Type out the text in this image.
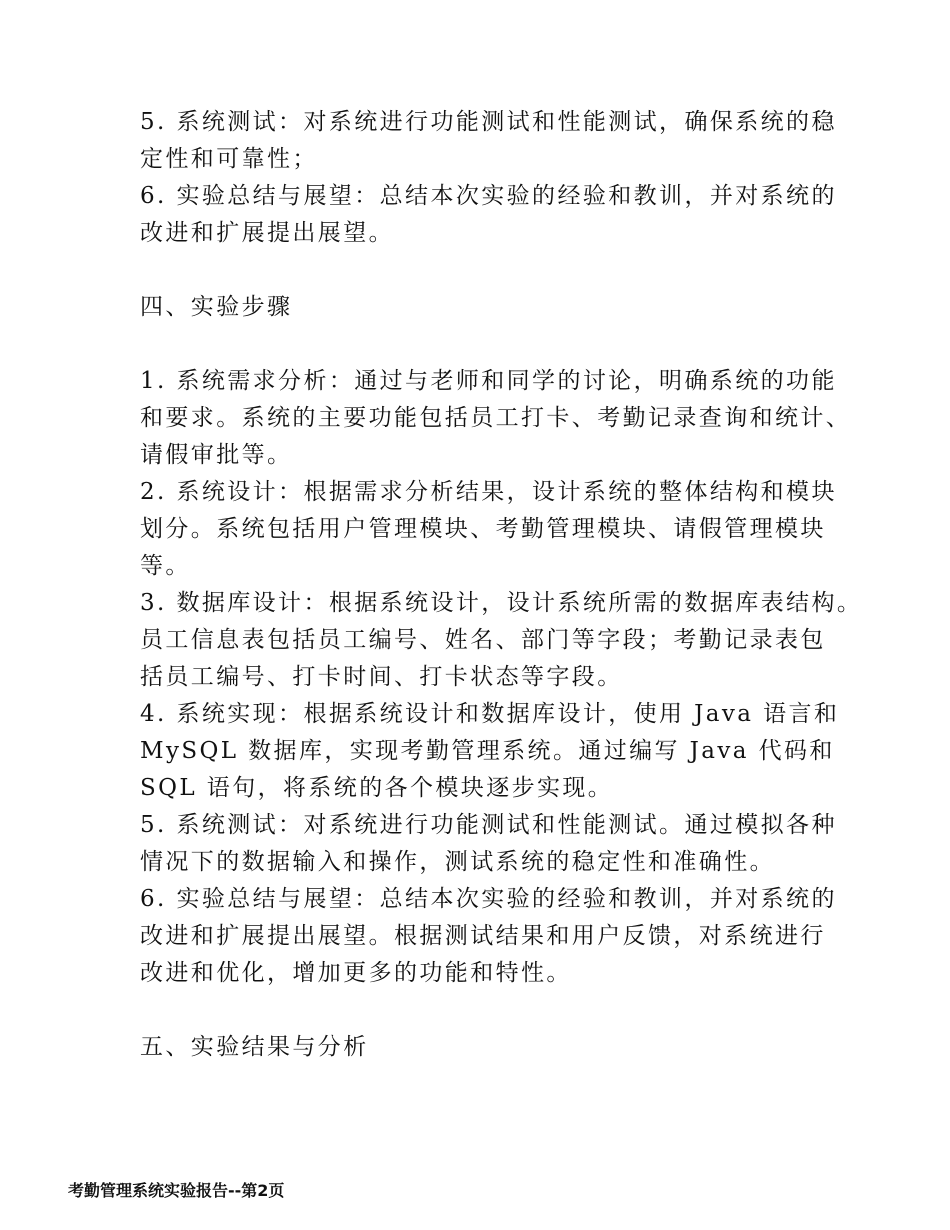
5. 系统测试：对系统进行功能测试和性能测试，确保系统的稳
定性和可靠性；
6. 实验总结与展望：总结本次实验的经验和教训，并对系统的
改进和扩展提出展望。
四、实验步骤
1. 系统需求分析：通过与老师和同学的讨论，明确系统的功能
和要求。系统的主要功能包括员工打卡、考勤记录查询和统计、
请假审批等。
2. 系统设计：根据需求分析结果，设计系统的整体结构和模块
划分。系统包括用户管理模块、考勤管理模块、请假管理模块
等。
3. 数据库设计：根据系统设计，设计系统所需的数据库表结构。
员工信息表包括员工编号、姓名、部门等字段；考勤记录表包
括员工编号、打卡时间、打卡状态等字段。
4. 系统实现：根据系统设计和数据库设计，使用 Java 语言和
MySQL 数据库，实现考勤管理系统。通过编写 Java 代码和
SQL 语句，将系统的各个模块逐步实现。
5. 系统测试：对系统进行功能测试和性能测试。通过模拟各种
情况下的数据输入和操作，测试系统的稳定性和准确性。
6. 实验总结与展望：总结本次实验的经验和教训，并对系统的
改进和扩展提出展望。根据测试结果和用户反馈，对系统进行
改进和优化，增加更多的功能和特性。
五、实验结果与分析
考勤管理系统实验报告--第2页
